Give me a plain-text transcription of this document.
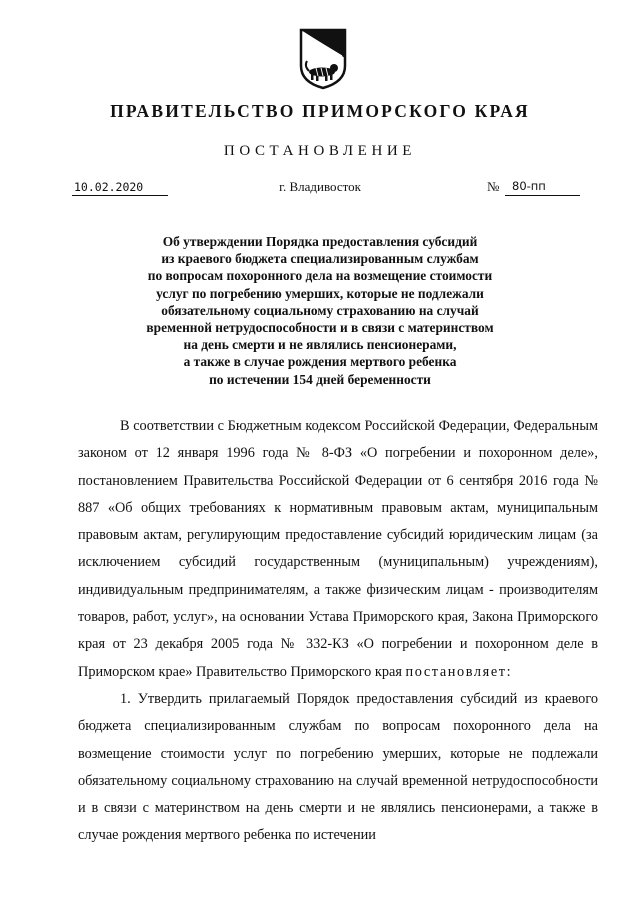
ПРАВИТЕЛЬСТВО ПРИМОРСКОГО КРАЯ
ПОСТАНОВЛЕНИЕ
10.02.2020	г. Владивосток	№ 80-пп
Об утверждении Порядка предоставления субсидий
из краевого бюджета специализированным службам
по вопросам похоронного дела на возмещение стоимости
услуг по погребению умерших, которые не подлежали
обязательному социальному страхованию на случай
временной нетрудоспособности и в связи с материнством
на день смерти и не являлись пенсионерами,
а также в случае рождения мертвого ребенка
по истечении 154 дней беременности

В соответствии с Бюджетным кодексом Российской Федерации, Федеральным законом от 12 января 1996 года № 8-ФЗ «О погребении и похоронном деле», постановлением Правительства Российской Федерации от 6 сентября 2016 года № 887 «Об общих требованиях к нормативным правовым актам, муниципальным правовым актам, регулирующим предоставление субсидий юридическим лицам (за исключением субсидий государственным (муниципальным) учреждениям), индивидуальным предпринимателям, а также физическим лицам - производителям товаров, работ, услуг», на основании Устава Приморского края, Закона Приморского края от 23 декабря 2005 года № 332-КЗ «О погребении и похоронном деле в Приморском крае» Правительство Приморского края постановляет:

1. Утвердить прилагаемый Порядок предоставления субсидий из краевого бюджета специализированным службам по вопросам похоронного дела на возмещение стоимости услуг по погребению умерших, которые не подлежали обязательному социальному страхованию на случай временной нетрудоспособности и в связи с материнством на день смерти и не являлись пенсионерами, а также в случае рождения мертвого ребенка по истечении
